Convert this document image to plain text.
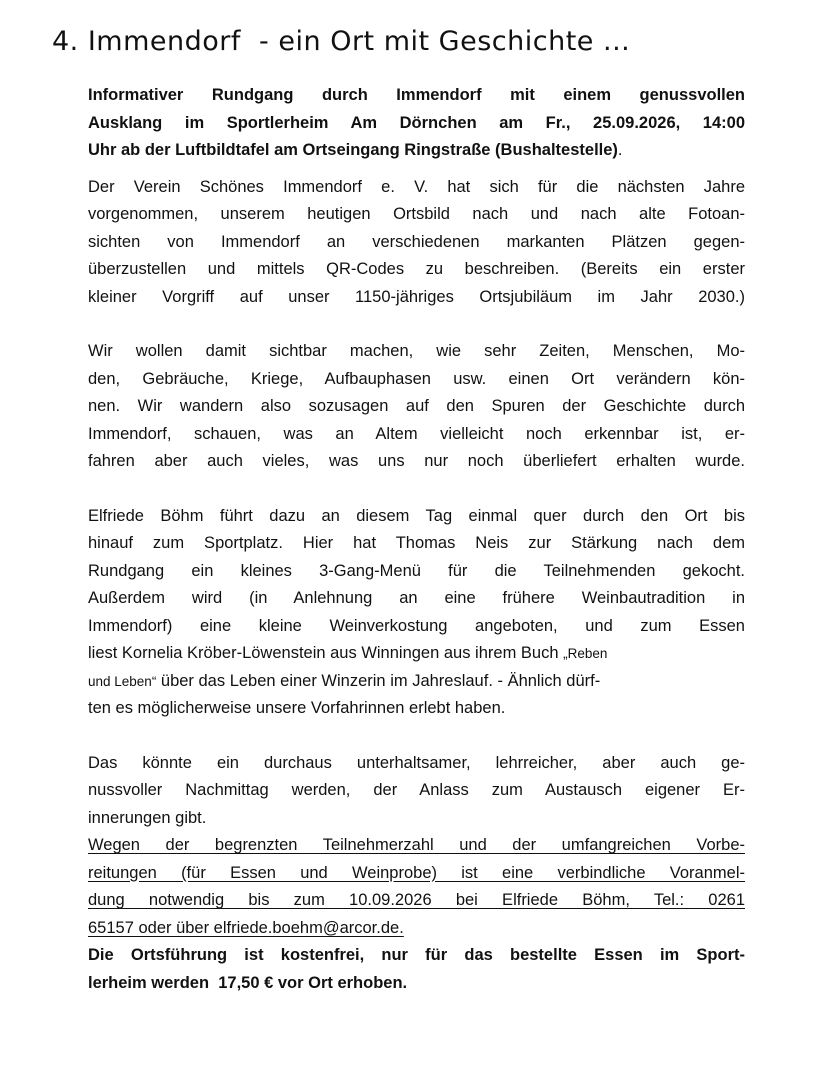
4. Immendorf  - ein Ort mit Geschichte ...
Informativer Rundgang durch Immendorf mit einem genussvollen
Ausklang im Sportlerheim Am Dörnchen am Fr., 25.09.2026, 14:00
Uhr ab der Luftbildtafel am Ortseingang Ringstraße (Bushaltestelle).
Der Verein Schönes Immendorf e. V. hat sich für die nächsten Jahre
vorgenommen, unserem heutigen Ortsbild nach und nach alte Fotoan-
sichten von Immendorf an verschiedenen markanten Plätzen gegen-
überzustellen und mittels QR-Codes zu beschreiben. (Bereits ein erster
kleiner Vorgriff auf unser 1150-jähriges Ortsjubiläum im Jahr 2030.)
Wir wollen damit sichtbar machen, wie sehr Zeiten, Menschen, Mo-
den, Gebräuche, Kriege, Aufbauphasen usw. einen Ort verändern kön-
nen. Wir wandern also sozusagen auf den Spuren der Geschichte durch
Immendorf, schauen, was an Altem vielleicht noch erkennbar ist, er-
fahren aber auch vieles, was uns nur noch überliefert erhalten wurde.
Elfriede Böhm führt dazu an diesem Tag einmal quer durch den Ort bis
hinauf zum Sportplatz. Hier hat Thomas Neis zur Stärkung nach dem
Rundgang ein kleines 3-Gang-Menü für die Teilnehmenden gekocht.
Außerdem wird (in Anlehnung an eine frühere Weinbautradition in
Immendorf) eine kleine Weinverkostung angeboten, und zum Essen
liest Kornelia Kröber-Löwenstein aus Winningen aus ihrem Buch „Reben
und Leben“ über das Leben einer Winzerin im Jahreslauf. - Ähnlich dürf-
ten es möglicherweise unsere Vorfahrinnen erlebt haben.
Das könnte ein durchaus unterhaltsamer, lehrreicher, aber auch ge-
nussvoller Nachmittag werden, der Anlass zum Austausch eigener Er-
innerungen gibt.
Wegen der begrenzten Teilnehmerzahl und der umfangreichen Vorbe-
reitungen (für Essen und Weinprobe) ist eine verbindliche Voranmel-
dung notwendig bis zum 10.09.2026 bei Elfriede Böhm, Tel.: 0261
65157 oder über elfriede.boehm@arcor.de.
Die Ortsführung ist kostenfrei, nur für das bestellte Essen im Sport-
lerheim werden  17,50 € vor Ort erhoben.
